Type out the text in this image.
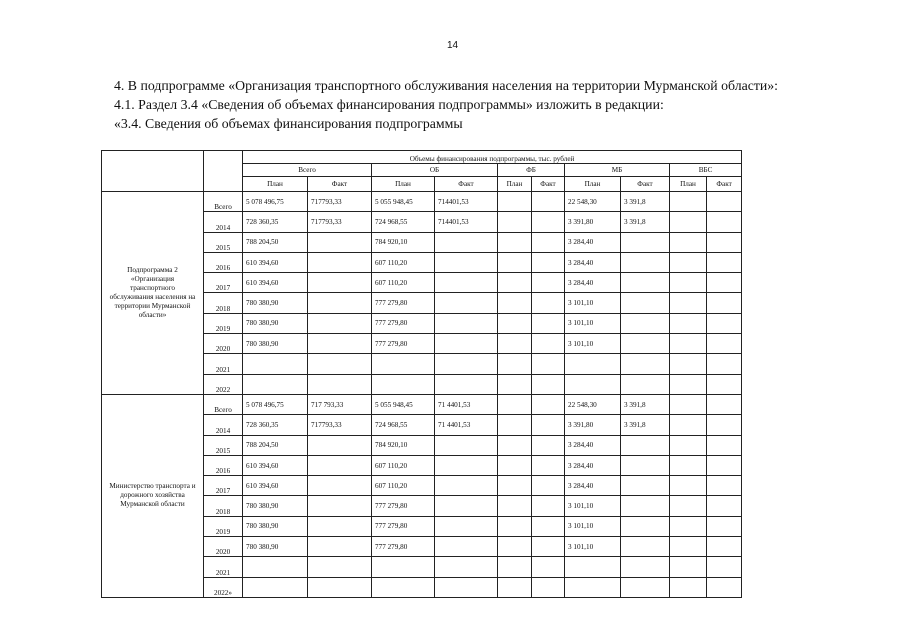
14
4. В подпрограмме «Организация транспортного обслуживания населения на территории Мурманской области»:
4.1. Раздел 3.4 «Сведения об объемах финансирования подпрограммы» изложить в редакции:
«3.4. Сведения об объемах финансирования подпрограммы
		Объемы финансирования подпрограммы, тыс. рублей									
		Всего		ОБ		ФБ		МБ		ВБС	
		План	Факт	План	Факт	План	Факт	План	Факт	План	Факт
Подпрограмма 2 «Организация транспортного обслуживания населения на территории Мурманской области»	Всего	5 078 496,75	717793,33	5 055 948,45	714401,53			22 548,30	3 391,8		
	2014	728 360,35	717793,33	724 968,55	714401,53			3 391,80	3 391,8		
	2015	788 204,50		784 920,10				3 284,40			
	2016	610 394,60		607 110,20				3 284,40			
	2017	610 394,60		607 110,20				3 284,40			
	2018	780 380,90		777 279,80				3 101,10			
	2019	780 380,90		777 279,80				3 101,10			
	2020	780 380,90		777 279,80				3 101,10			
	2021										
	2022										
Министерство транспорта и дорожного хозяйства Мурманской области	Всего	5 078 496,75	717 793,33	5 055 948,45	71 4401,53			22 548,30	3 391,8		
	2014	728 360,35	717793,33	724 968,55	71 4401,53			3 391,80	3 391,8		
	2015	788 204,50		784 920,10				3 284,40			
	2016	610 394,60		607 110,20				3 284,40			
	2017	610 394,60		607 110,20				3 284,40			
	2018	780 380,90		777 279,80				3 101,10			
	2019	780 380,90		777 279,80				3 101,10			
	2020	780 380,90		777 279,80				3 101,10			
	2021										
	2022»										
